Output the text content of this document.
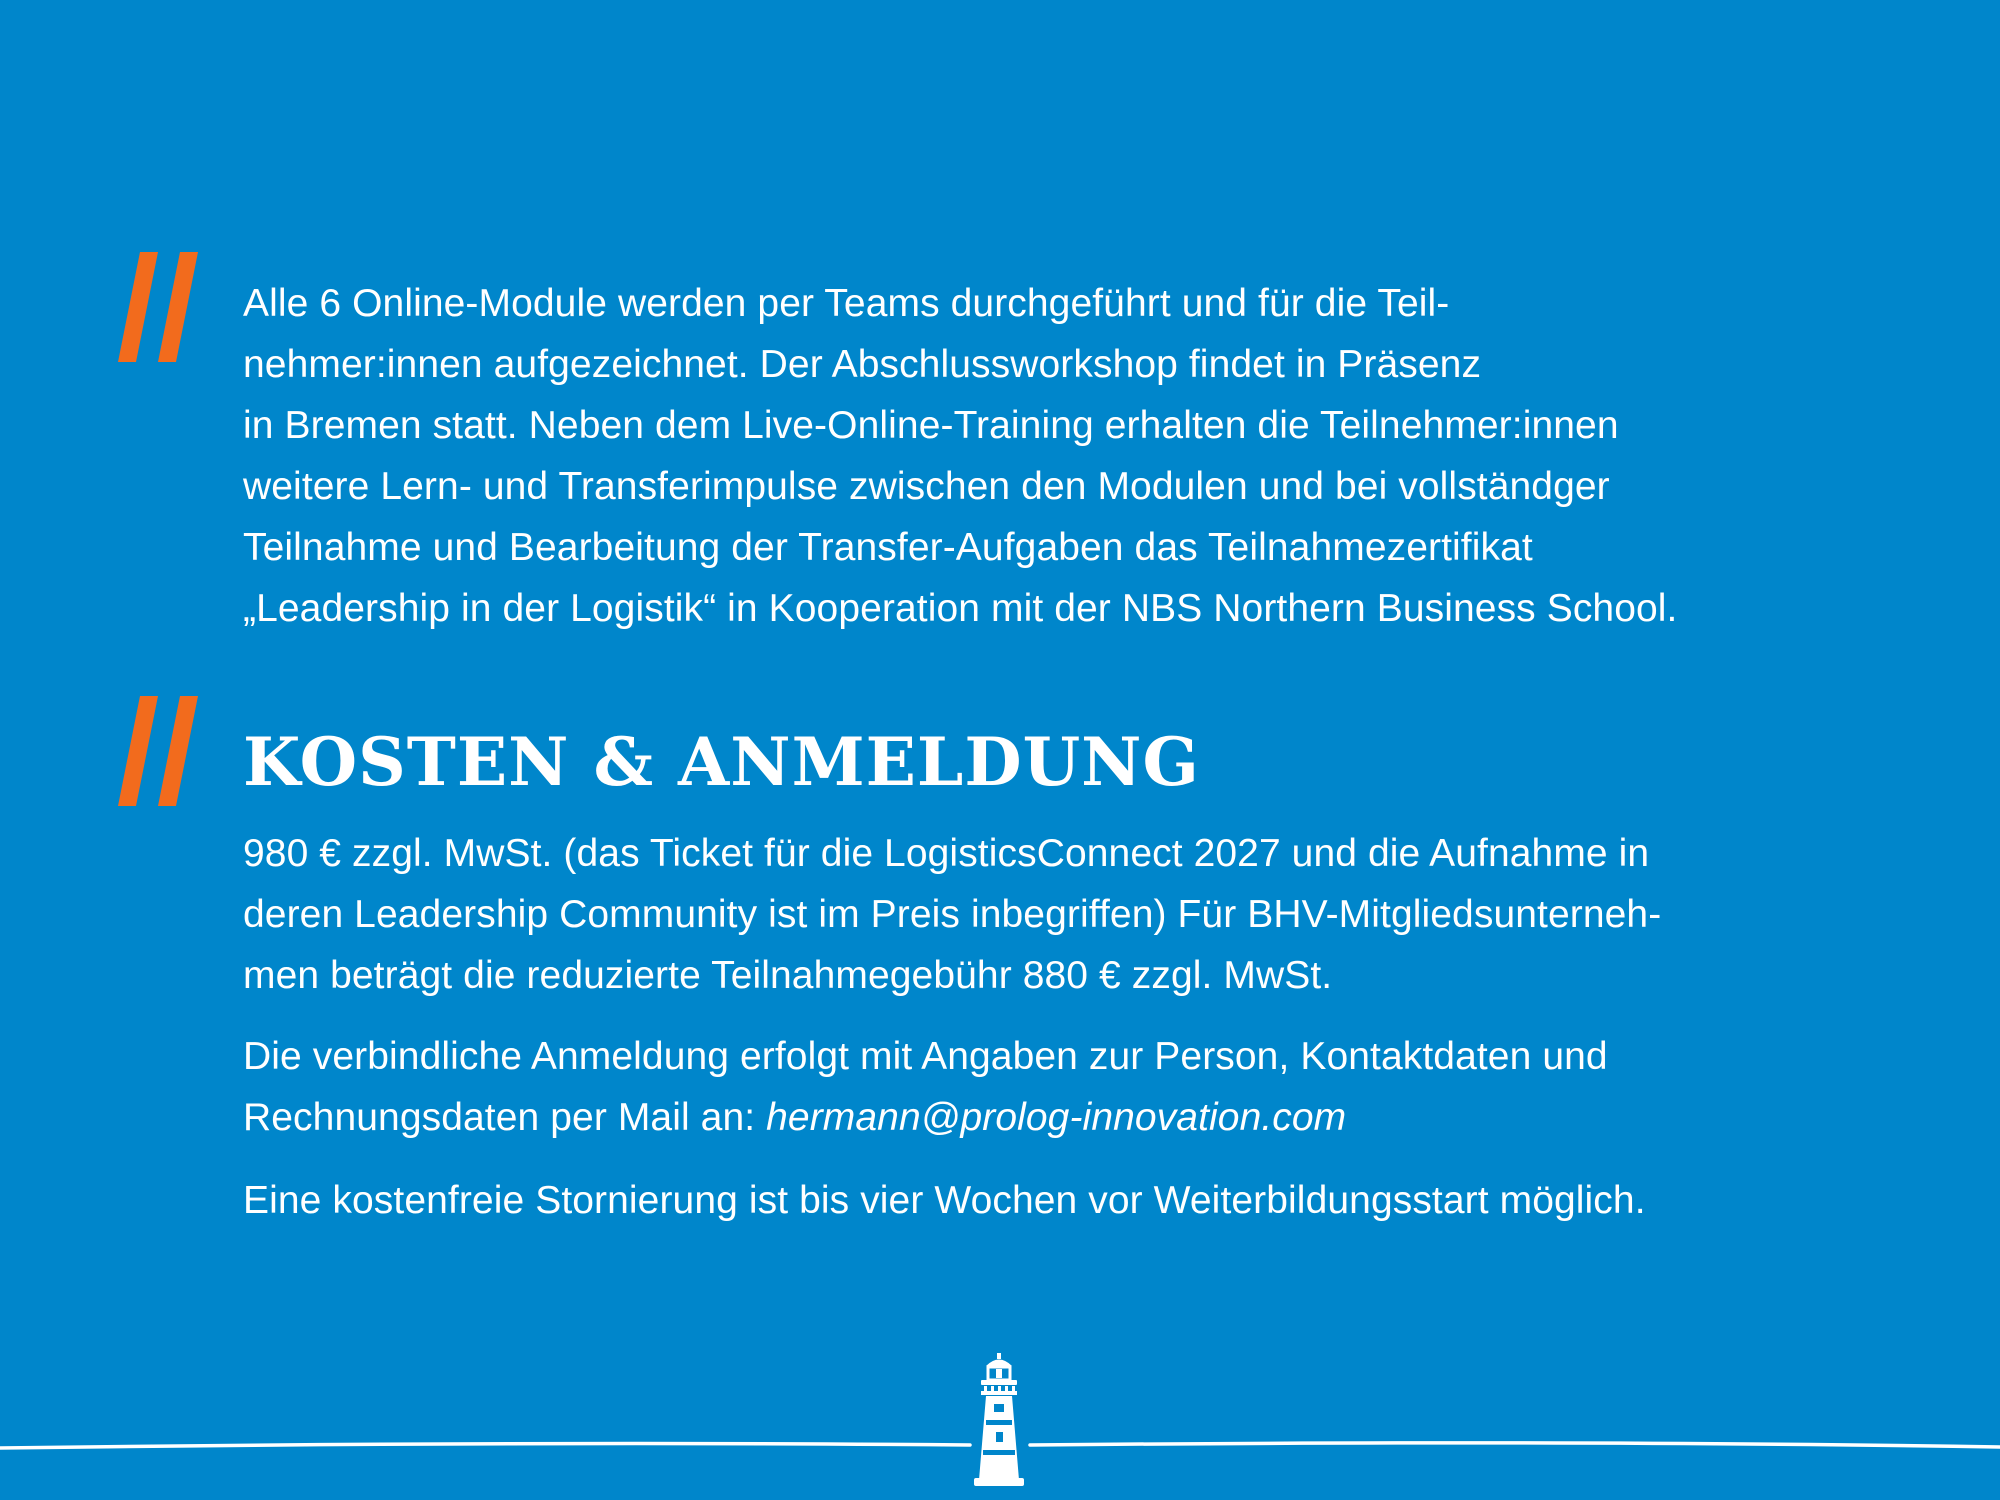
Alle 6 Online-Module werden per Teams durchgeführt und für die Teil-
nehmer:innen aufgezeichnet. Der Abschlussworkshop findet in Präsenz
in Bremen statt. Neben dem Live-Online-Training erhalten die Teilnehmer:innen
weitere Lern- und Transferimpulse zwischen den Modulen und bei vollständger
Teilnahme und Bearbeitung der Transfer-Aufgaben das Teilnahmezertifikat
„Leadership in der Logistik“ in Kooperation mit der NBS Northern Business School.
KOSTEN & ANMELDUNG
980 € zzgl. MwSt. (das Ticket für die LogisticsConnect 2027 und die Aufnahme in
deren Leadership Community ist im Preis inbegriffen) Für BHV-Mitgliedsunterneh-
men beträgt die reduzierte Teilnahmegebühr 880 € zzgl. MwSt.
Die verbindliche Anmeldung erfolgt mit Angaben zur Person, Kontaktdaten und
Rechnungsdaten per Mail an: hermann@prolog-innovation.com
Eine kostenfreie Stornierung ist bis vier Wochen vor Weiterbildungsstart möglich.
